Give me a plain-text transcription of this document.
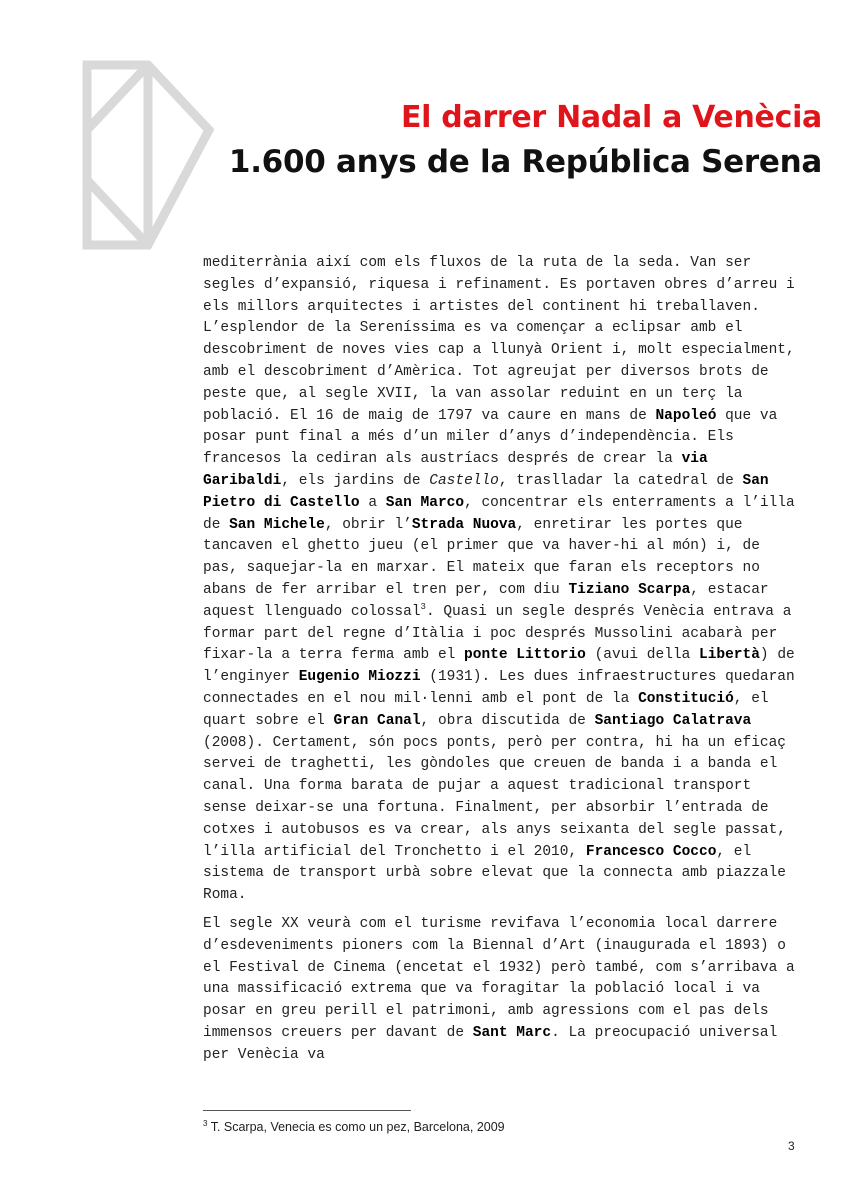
El darrer Nadal a Venècia
1.600 anys de la República Serena

mediterrània així com els fluxos de la ruta de la seda. Van ser segles d’expansió, riquesa i refinament. Es portaven obres d’arreu i els millors arquitectes i artistes del continent hi treballaven. L’esplendor de la Sereníssima es va començar a eclipsar amb el descobriment de noves vies cap a llunyà Orient i, molt especialment, amb el descobriment d’Amèrica. Tot agreujat per diversos brots de peste que, al segle XVII, la van assolar reduint en un terç la població. El 16 de maig de 1797 va caure en mans de Napoleó que va posar punt final a més d’un miler d’anys d’independència. Els francesos la cediran als austríacs després de crear la via Garibaldi, els jardins de Castello, traslladar la catedral de San Pietro di Castello a San Marco, concentrar els enterraments a l’illa de San Michele, obrir l’Strada Nuova, enretirar les portes que tancaven el ghetto jueu (el primer que va haver-hi al món) i, de pas, saquejar-la en marxar. El mateix que faran els receptors no abans de fer arribar el tren per, com diu Tiziano Scarpa, estacar aquest llenguado colossal$^3$. Quasi un segle després Venècia entrava a formar part del regne d’Itàlia i poc després Mussolini acabarà per fixar-la a terra ferma amb el ponte Littorio (avui della Libertà) de l’enginyer Eugenio Miozzi (1931). Les dues infraestructures quedaran connectades en el nou mil·lenni amb el pont de la Constitució, el quart sobre el Gran Canal, obra discutida de Santiago Calatrava (2008). Certament, són pocs ponts, però per contra, hi ha un eficaç servei de traghetti, les gòndoles que creuen de banda i a banda el canal. Una forma barata de pujar a aquest tradicional transport sense deixar-se una fortuna. Finalment, per absorbir l’entrada de cotxes i autobusos es va crear, als anys seixanta del segle passat, l’illa artificial del Tronchetto i el 2010, Francesco Cocco, el sistema de transport urbà sobre elevat que la connecta amb piazzale Roma.

El segle XX veurà com el turisme revifava l’economia local darrere d’esdeveniments pioners com la Biennal d’Art (inaugurada el 1893) o el Festival de Cinema (encetat el 1932) però també, com s’arribava a una massificació extrema que va foragitar la població local i va posar en greu perill el patrimoni, amb agressions com el pas dels immensos creuers per davant de Sant Marc. La preocupació universal per Venècia va

$^3$ T. Scarpa, Venecia es como un pez, Barcelona, 2009
3
